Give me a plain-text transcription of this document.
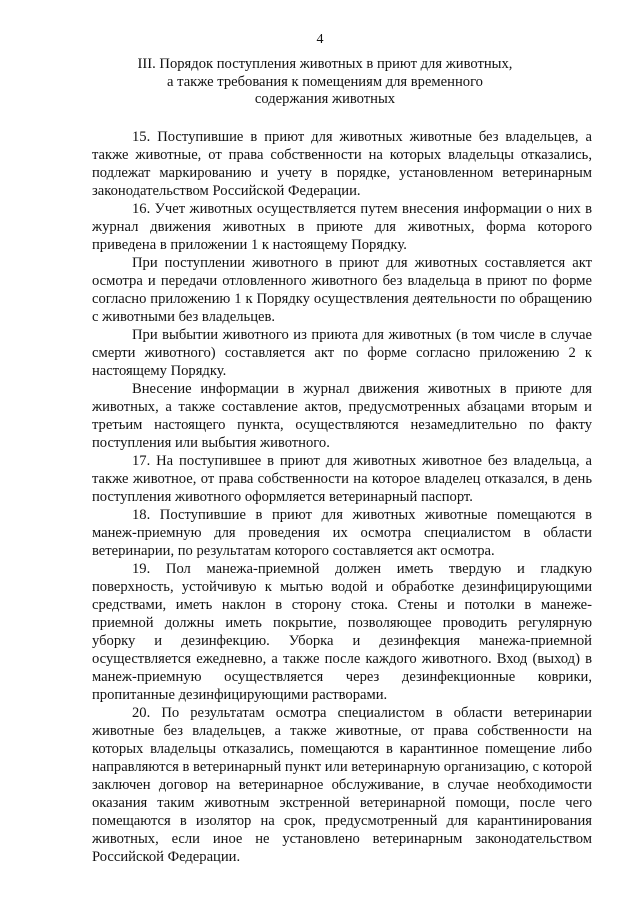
4
III. Порядок поступления животных в приют для животных,
а также требования к помещениям для временного
содержания животных

15. Поступившие в приют для животных животные без владельцев, а также животные, от права собственности на которых владельцы отказались, подлежат маркированию и учету в порядке, установленном ветеринарным законодательством Российской Федерации.

16. Учет животных осуществляется путем внесения информации о них в журнал движения животных в приюте для животных, форма которого приведена в приложении 1 к настоящему Порядку.

При поступлении животного в приют для животных составляется акт осмотра и передачи отловленного животного без владельца в приют по форме согласно приложению 1 к Порядку осуществления деятельности по обращению с животными без владельцев.

При выбытии животного из приюта для животных (в том числе в случае смерти животного) составляется акт по форме согласно приложению 2 к настоящему Порядку.

Внесение информации в журнал движения животных в приюте для животных, а также составление актов, предусмотренных абзацами вторым и третьим настоящего пункта, осуществляются незамедлительно по факту поступления или выбытия животного.

17. На поступившее в приют для животных животное без владельца, а также животное, от права собственности на которое владелец отказался, в день поступления животного оформляется ветеринарный паспорт.

18. Поступившие в приют для животных животные помещаются в манеж-приемную для проведения их осмотра специалистом в области ветеринарии, по результатам которого составляется акт осмотра.

19. Пол манежа-приемной должен иметь твердую и гладкую поверхность, устойчивую к мытью водой и обработке дезинфицирующими средствами, иметь наклон в сторону стока. Стены и потолки в манеже-приемной должны иметь покрытие, позволяющее проводить регулярную уборку и дезинфекцию. Уборка и дезинфекция манежа-приемной осуществляется ежедневно, а также после каждого животного. Вход (выход) в манеж-приемную осуществляется через дезинфекционные коврики, пропитанные дезинфицирующими растворами.

20. По результатам осмотра специалистом в области ветеринарии животные без владельцев, а также животные, от права собственности на которых владельцы отказались, помещаются в карантинное помещение либо направляются в ветеринарный пункт или ветеринарную организацию, с которой заключен договор на ветеринарное обслуживание, в случае необходимости оказания таким животным экстренной ветеринарной помощи, после чего помещаются в изолятор на срок, предусмотренный для карантинирования животных, если иное не установлено ветеринарным законодательством Российской Федерации.
